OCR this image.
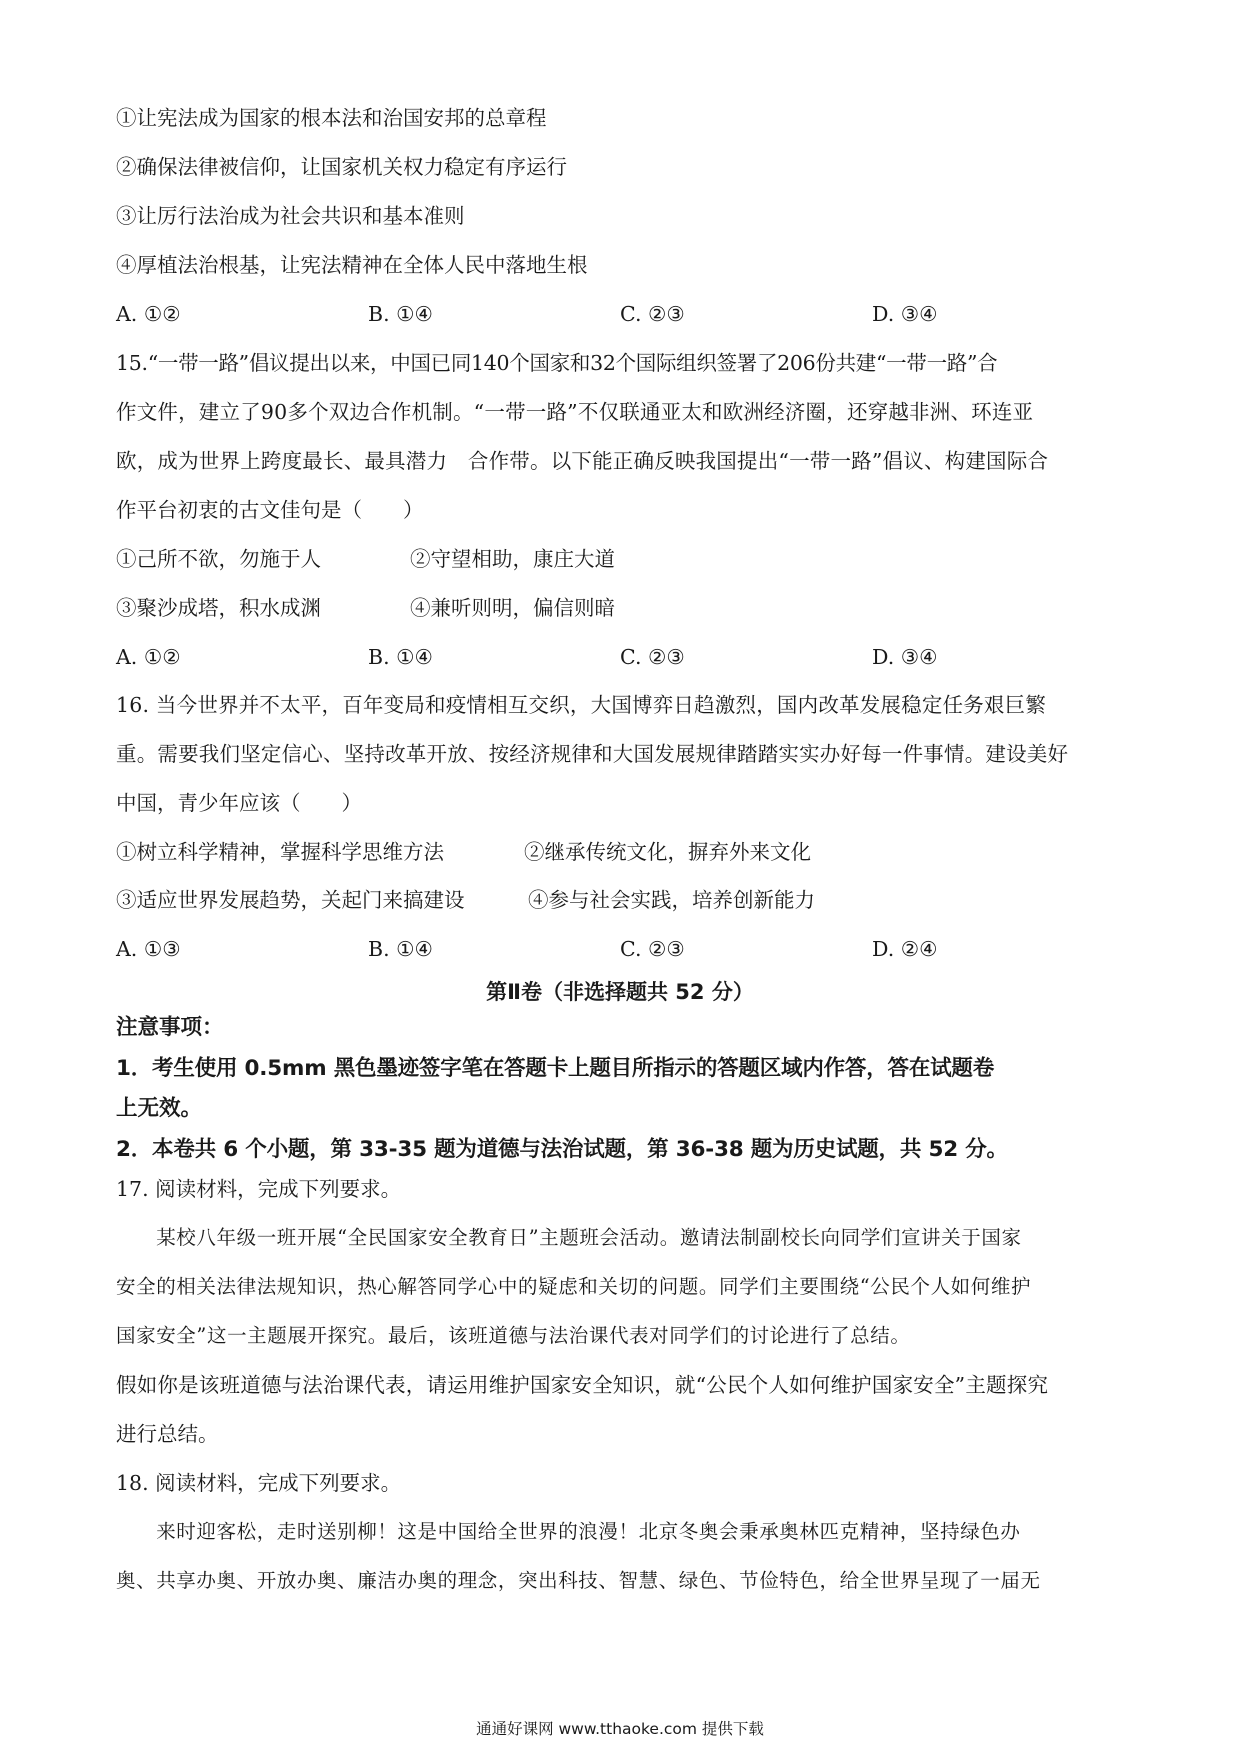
①让宪法成为国家的根本法和治国安邦的总章程
②确保法律被信仰，让国家机关权力稳定有序运行
③让厉行法治成为社会共识和基本准则
④厚植法治根基，让宪法精神在全体人民中落地生根
A. ①②	B. ①④	C. ②③	D. ③④
15.“一带一路”倡议提出以来，中国已同140个国家和32个国际组织签署了206份共建“一带一路”合
作文件，建立了90多个双边合作机制。“一带一路”不仅联通亚太和欧洲经济圈，还穿越非洲、环连亚
欧，成为世界上跨度最长、最具潜力　合作带。以下能正确反映我国提出“一带一路”倡议、构建国际合
作平台初衷的古文佳句是（　　）
①己所不欲，勿施于人	②守望相助，康庄大道
③聚沙成塔，积水成渊	④兼听则明，偏信则暗
A. ①②	B. ①④	C. ②③	D. ③④
16. 当今世界并不太平，百年变局和疫情相互交织，大国博弈日趋激烈，国内改革发展稳定任务艰巨繁
重。需要我们坚定信心、坚持改革开放、按经济规律和大国发展规律踏踏实实办好每一件事情。建设美好
中国，青少年应该（　　）
①树立科学精神，掌握科学思维方法	②继承传统文化，摒弃外来文化
③适应世界发展趋势，关起门来搞建设	④参与社会实践，培养创新能力
A. ①③	B. ①④	C. ②③	D. ②④
第Ⅱ卷（非选择题共 52 分）
注意事项：
1．考生使用 0.5mm 黑色墨迹签字笔在答题卡上题目所指示的答题区域内作答，答在试题卷
上无效。
2．本卷共 6 个小题，第 33-35 题为道德与法治试题，第 36-38 题为历史试题，共 52 分。
17. 阅读材料，完成下列要求。
　　某校八年级一班开展“全民国家安全教育日”主题班会活动。邀请法制副校长向同学们宣讲关于国家
安全的相关法律法规知识，热心解答同学心中的疑虑和关切的问题。同学们主要围绕“公民个人如何维护
国家安全”这一主题展开探究。最后，该班道德与法治课代表对同学们的讨论进行了总结。
假如你是该班道德与法治课代表，请运用维护国家安全知识，就“公民个人如何维护国家安全”主题探究
进行总结。
18. 阅读材料，完成下列要求。
　　来时迎客松，走时送别柳！这是中国给全世界的浪漫！北京冬奥会秉承奥林匹克精神，坚持绿色办
奥、共享办奥、开放办奥、廉洁办奥的理念，突出科技、智慧、绿色、节俭特色，给全世界呈现了一届无
通通好课网 www.tthaoke.com 提供下载
